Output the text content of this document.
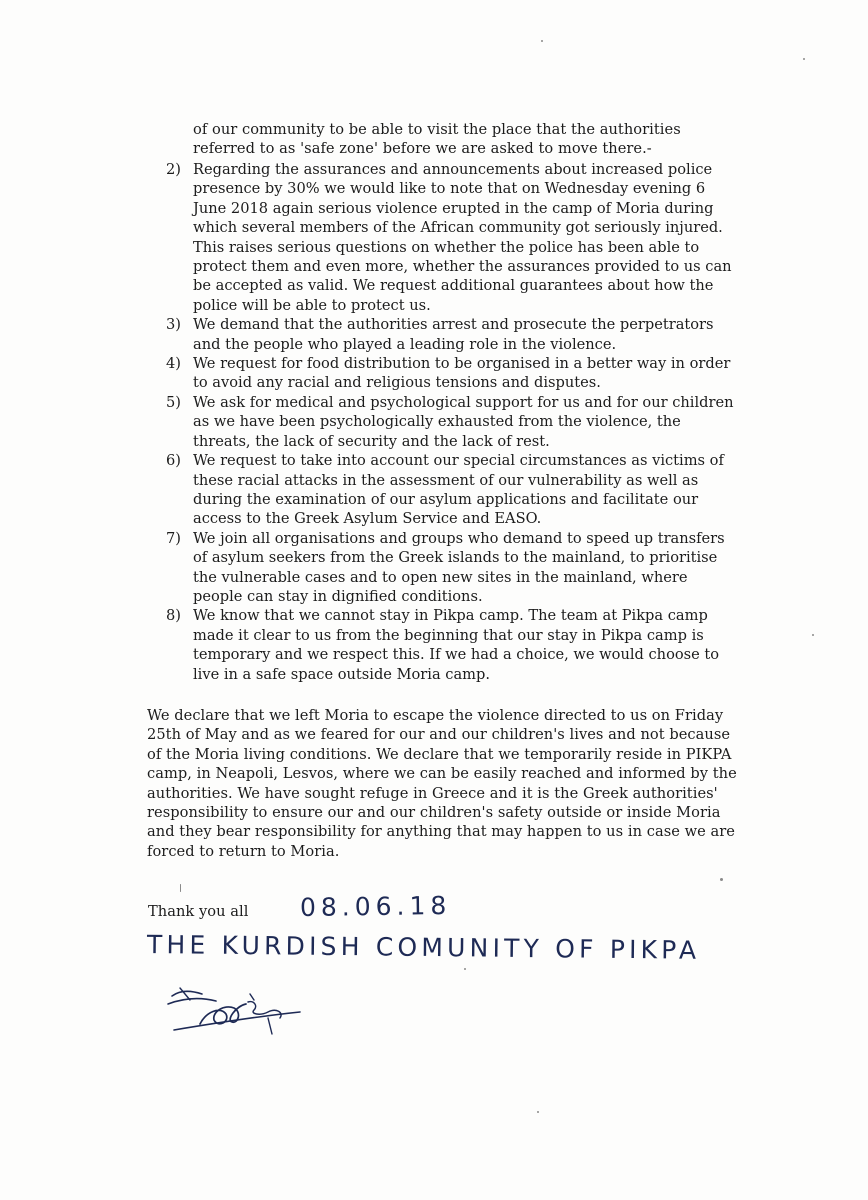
of our community to be able to visit the place that the authorities referred to as 'safe zone' before we are asked to move there.-

2) Regarding the assurances and announcements about increased police presence by 30% we would like to note that on Wednesday evening 6 June 2018 again serious violence erupted in the camp of Moria during which several members of the African community got seriously injured. This raises serious questions on whether the police has been able to protect them and even more, whether the assurances provided to us can be accepted as valid. We request additional guarantees about how the police will be able to protect us.
3) We demand that the authorities arrest and prosecute the perpetrators and the people who played a leading role in the violence.
4) We request for food distribution to be organised in a better way in order to avoid any racial and religious tensions and disputes.
5) We ask for medical and psychological support for us and for our children as we have been psychologically exhausted from the violence, the threats, the lack of security and the lack of rest.
6) We request to take into account our special circumstances as victims of these racial attacks in the assessment of our vulnerability as well as during the examination of our asylum applications and facilitate our access to the Greek Asylum Service and EASO.
7) We join all organisations and groups who demand to speed up transfers of asylum seekers from the Greek islands to the mainland, to prioritise the vulnerable cases and to open new sites in the mainland, where people can stay in dignified conditions.
8) We know that we cannot stay in Pikpa camp. The team at Pikpa camp made it clear to us from the beginning that our stay in Pikpa camp is temporary and we respect this. If we had a choice, we would choose to live in a safe space outside Moria camp.

We declare that we left Moria to escape the violence directed to us on Friday 25th of May and as we feared for our and our children's lives and not because of the Moria living conditions. We declare that we temporarily reside in PIKPA camp, in Neapoli, Lesvos, where we can be easily reached and informed by the authorities. We have sought refuge in Greece and it is the Greek authorities' responsibility to ensure our and our children's safety outside or inside Moria and they bear responsibility for anything that may happen to us in case we are forced to return to Moria.

Thank you all 08.06.18
THE KURDISH COMUNITY OF PIKPA
